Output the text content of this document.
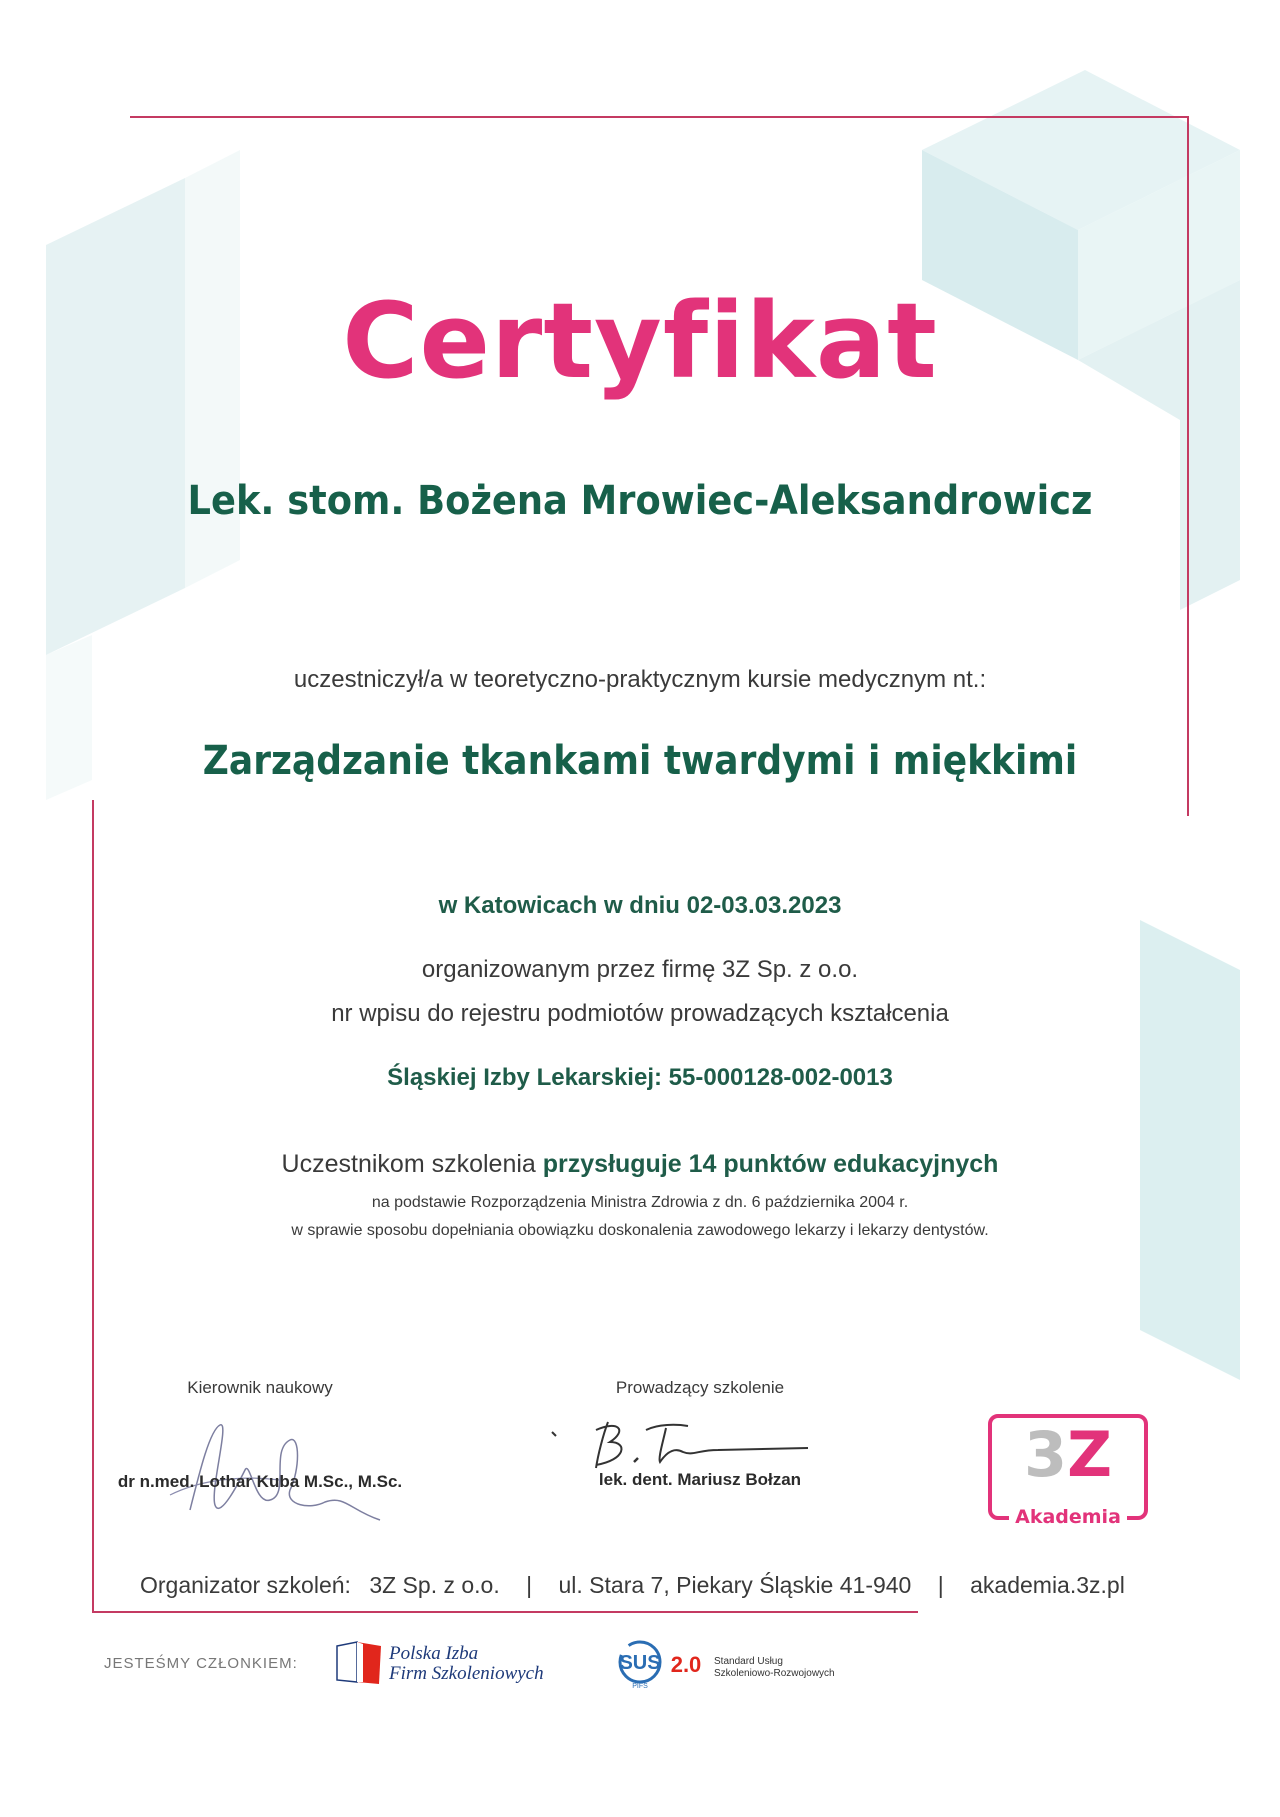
Certyfikat
Lek. stom. Bożena Mrowiec-Aleksandrowicz
uczestniczył/a w teoretyczno-praktycznym kursie medycznym nt.:
Zarządzanie tkankami twardymi i miękkimi
w Katowicach w dniu 02-03.03.2023
organizowanym przez firmę 3Z Sp. z o.o.
nr wpisu do rejestru podmiotów prowadzących kształcenia
Śląskiej Izby Lekarskiej: 55-000128-002-0013
Uczestnikom szkolenia przysługuje 14 punktów edukacyjnych
na podstawie Rozporządzenia Ministra Zdrowia z dn. 6 października 2004 r.
w sprawie sposobu dopełniania obowiązku doskonalenia zawodowego lekarzy i lekarzy dentystów.
Kierownik naukowy
dr n.med. Lothar Kuba M.Sc., M.Sc.
Prowadzący szkolenie
lek. dent. Mariusz Bołzan	3Z
Akademia
Organizator szkoleń: 3Z Sp. z o.o. | ul. Stara 7, Piekary Śląskie 41-940 | akademia.3z.pl
JESTEŚMY CZŁONKIEM:	Polska Izba
Firm Szkoleniowych	SUS
PIFS
2.0 Standard Usług
Szkoleniowo-Rozwojowych
